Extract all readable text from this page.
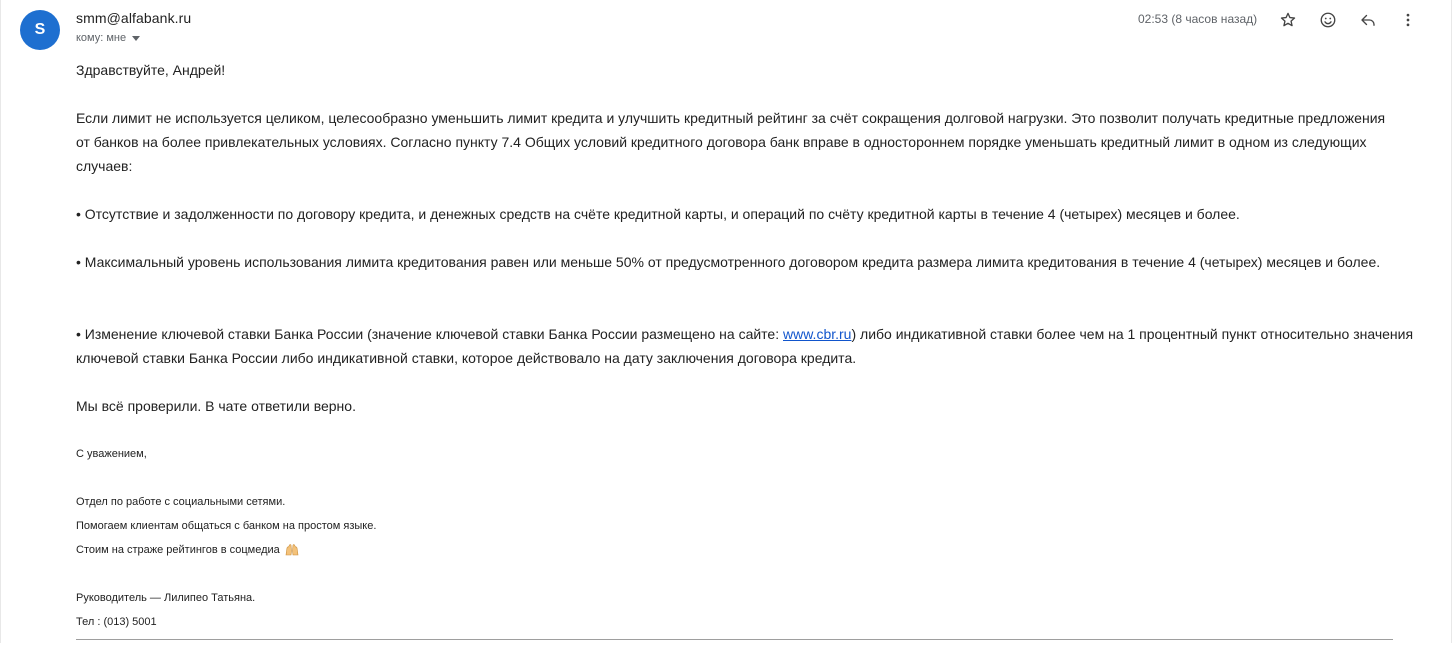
S
smm@alfabank.ru
кому: мне
02:53 (8 часов назад)

Здравствуйте, Андрей!

Если лимит не используется целиком, целесообразно уменьшить лимит кредита и улучшить кредитный рейтинг за счёт сокращения долговой нагрузки. Это позволит получать кредитные предложения от банков на более привлекательных условиях. Согласно пункту 7.4 Общих условий кредитного договора банк вправе в одностороннем порядке уменьшать кредитный лимит в одном из следующих случаев:

• Отсутствие и задолженности по договору кредита, и денежных средств на счёте кредитной карты, и операций по счёту кредитной карты в течение 4 (четырех) месяцев и более.

• Максимальный уровень использования лимита кредитования равен или меньше 50% от предусмотренного договором кредита размера лимита кредитования в течение 4 (четырех) месяцев и более.

• Изменение ключевой ставки Банка России (значение ключевой ставки Банка России размещено на сайте: www.cbr.ru) либо индикативной ставки более чем на 1 процентный пункт относительно значения ключевой ставки Банка России либо индикативной ставки, которое действовало на дату заключения договора кредита.

Мы всё проверили. В чате ответили верно.

С уважением,
Отдел по работе с социальными сетями.
Помогаем клиентам общаться с банком на простом языке.
Стоим на страже рейтингов в соцмедиа
Руководитель — Лилипео Татьяна.
Тел : (013) 5001
